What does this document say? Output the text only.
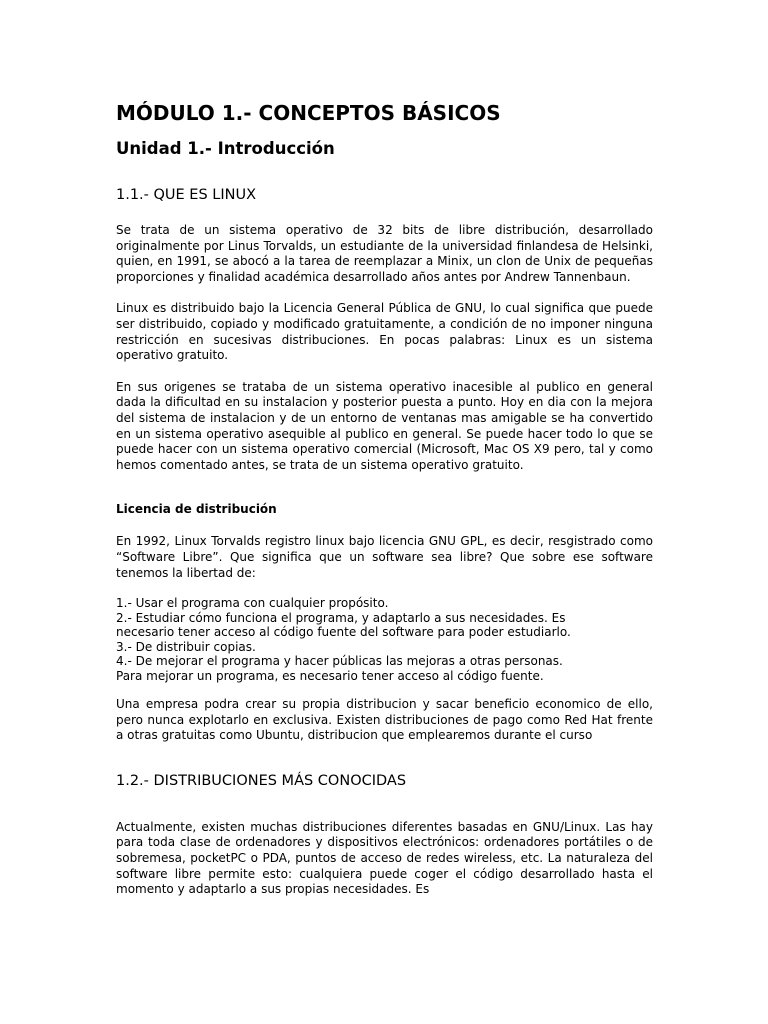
MÓDULO 1.- CONCEPTOS BÁSICOS
Unidad 1.- Introducción
1.1.- QUE ES LINUX

Se trata de un sistema operativo de 32 bits de libre distribución, desarrollado originalmente por Linus Torvalds, un estudiante de la universidad finlandesa de Helsinki, quien, en 1991, se abocó a la tarea de reemplazar a Minix, un clon de Unix de pequeñas proporciones y finalidad académica desarrollado años antes por Andrew Tannenbaun.

Linux es distribuido bajo la Licencia General Pública de GNU, lo cual significa que puede ser distribuido, copiado y modificado gratuitamente, a condición de no imponer ninguna restricción en sucesivas distribuciones. En pocas palabras: Linux es un sistema operativo gratuito.

En sus origenes se trataba de un sistema operativo inacesible al publico en general dada la dificultad en su instalacion y posterior puesta a punto. Hoy en dia con la mejora del sistema de instalacion y de un entorno de ventanas mas amigable se ha convertido en un sistema operativo asequible al publico en general. Se puede hacer todo lo que se puede hacer con un sistema operativo comercial (Microsoft, Mac OS X9 pero, tal y como hemos comentado antes, se trata de un sistema operativo gratuito.

Licencia de distribución

En 1992, Linux Torvalds registro linux bajo licencia GNU GPL, es decir, resgistrado como “Software Libre”. Que significa que un software sea libre? Que sobre ese software tenemos la libertad de:

1.- Usar el programa con cualquier propósito.
2.- Estudiar cómo funciona el programa, y adaptarlo a sus necesidades. Es
necesario tener acceso al código fuente del software para poder estudiarlo.
3.- De distribuir copias.
4.- De mejorar el programa y hacer públicas las mejoras a otras personas.
Para mejorar un programa, es necesario tener acceso al código fuente.

Una empresa podra crear su propia distribucion y sacar beneficio economico de ello, pero nunca explotarlo en exclusiva. Existen distribuciones de pago como Red Hat frente a otras gratuitas como Ubuntu, distribucion que emplearemos durante el curso

1.2.- DISTRIBUCIONES MÁS CONOCIDAS

Actualmente, existen muchas distribuciones diferentes basadas en GNU/Linux. Las hay para toda clase de ordenadores y dispositivos electrónicos: ordenadores portátiles o de sobremesa, pocketPC o PDA, puntos de acceso de redes wireless, etc. La naturaleza del software libre permite esto: cualquiera puede coger el código desarrollado hasta el momento y adaptarlo a sus propias necesidades. Es
